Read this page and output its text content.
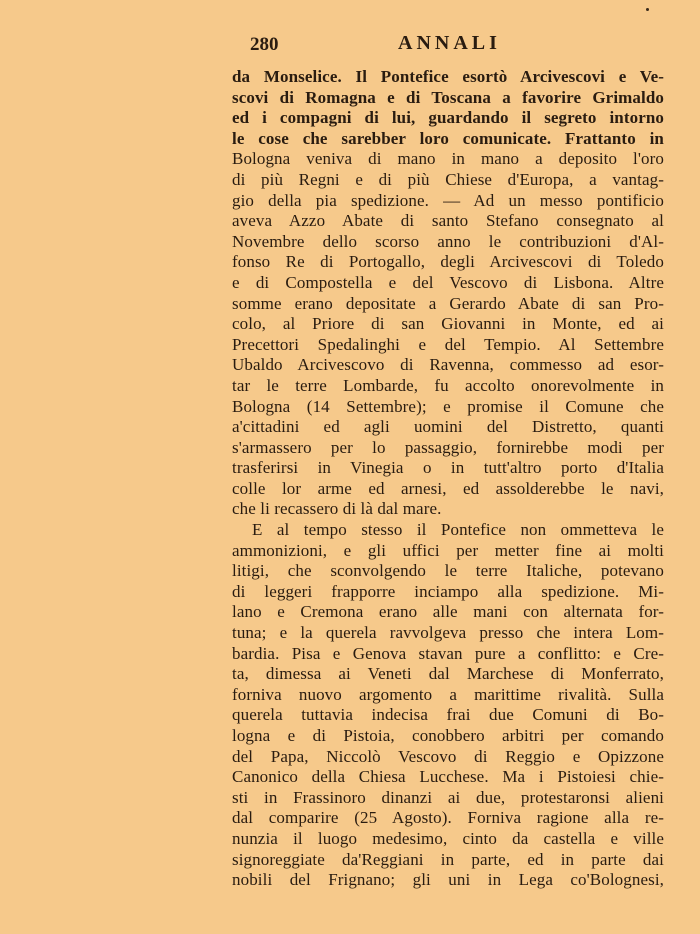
280	ANNALI
da Monselice. Il Pontefice esortò Arcivescovi e Ve-
scovi di Romagna e di Toscana a favorire Grimaldo
ed i compagni di lui, guardando il segreto intorno
le cose che sarebber loro comunicate. Frattanto in
Bologna veniva di mano in mano a deposito l'oro
di più Regni e di più Chiese d'Europa, a vantag-
gio della pia spedizione. — Ad un messo pontificio
aveva Azzo Abate di santo Stefano consegnato al
Novembre dello scorso anno le contribuzioni d'Al-
fonso Re di Portogallo, degli Arcivescovi di Toledo
e di Compostella e del Vescovo di Lisbona. Altre
somme erano depositate a Gerardo Abate di san Pro-
colo, al Priore di san Giovanni in Monte, ed ai
Precettori Spedalinghi e del Tempio. Al Settembre
Ubaldo Arcivescovo di Ravenna, commesso ad esor-
tar le terre Lombarde, fu accolto onorevolmente in
Bologna (14 Settembre); e promise il Comune che
a'cittadini ed agli uomini del Distretto, quanti
s'armassero per lo passaggio, fornirebbe modi per
trasferirsi in Vinegia o in tutt'altro porto d'Italia
colle lor arme ed arnesi, ed assolderebbe le navi,
che li recassero di là dal mare.
E al tempo stesso il Pontefice non ommetteva le
ammonizioni, e gli uffici per metter fine ai molti
litigi, che sconvolgendo le terre Italiche, potevano
di leggeri frapporre inciampo alla spedizione. Mi-
lano e Cremona erano alle mani con alternata for-
tuna; e la querela ravvolgeva presso che intera Lom-
bardia. Pisa e Genova stavan pure a conflitto: e Cre-
ta, dimessa ai Veneti dal Marchese di Monferrato,
forniva nuovo argomento a marittime rivalità. Sulla
querela tuttavia indecisa frai due Comuni di Bo-
logna e di Pistoia, conobbero arbitri per comando
del Papa, Niccolò Vescovo di Reggio e Opizzone
Canonico della Chiesa Lucchese. Ma i Pistoiesi chie-
sti in Frassinoro dinanzi ai due, protestaronsi alieni
dal comparire (25 Agosto). Forniva ragione alla re-
nunzia il luogo medesimo, cinto da castella e ville
signoreggiate da'Reggiani in parte, ed in parte dai
nobili del Frignano; gli uni in Lega co'Bolognesi,
